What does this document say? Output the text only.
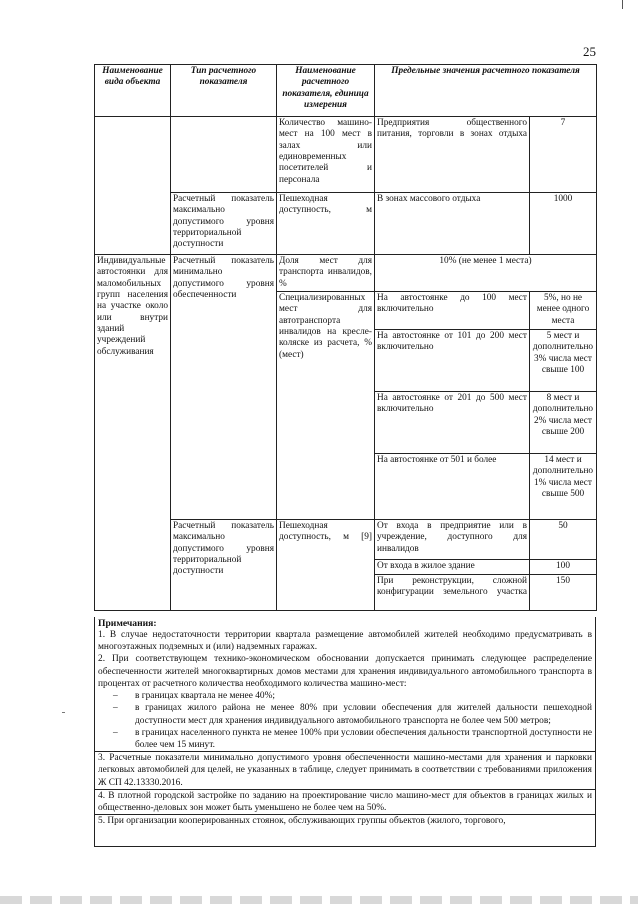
25
Наименование вида объекта	Тип расчетного показателя	Наименование расчетного показателя, единица измерения	Предельные значения расчетного показателя	
		Количество машино-мест на 100 мест в залах или единовременных посетителей и персонала	Предприятия общественного питания, торговли в зонах отдыха	7
	Расчетный показатель максимально допустимого уровня территориальной доступности	Пешеходная доступность, м	В зонах массового отдыха	1000
Индивидуальные автостоянки для маломобильных групп населения на участке около или внутри зданий учреждений обслуживания	Расчетный показатель минимально допустимого уровня обеспеченности	Доля мест для транспорта инвалидов, %	10% (не менее 1 места)	
		Специализированных мест для автотранспорта инвалидов на кресле-коляске из расчета, % (мест)	На автостоянке до 100 мест включительно	5%, но не менее одного места
			На автостоянке от 101 до 200 мест включительно	5 мест и дополнительно 3% числа мест свыше 100
			На автостоянке от 201 до 500 мест включительно	8 мест и дополнительно 2% числа мест свыше 200
			На автостоянке от 501 и более	14 мест и дополнительно 1% числа мест свыше 500
	Расчетный показатель максимально допустимого уровня территориальной доступности	Пешеходная доступность, м [9]	От входа в предприятие или в учреждение, доступного для инвалидов	50
			От входа в жилое здание	100
			При реконструкции, сложной конфигурации земельного участка	150
Примечания:
1. В случае недостаточности территории квартала размещение автомобилей жителей необходимо предусматривать в многоэтажных подземных и (или) надземных гаражах.
2. При соответствующем технико-экономическом обосновании допускается принимать следующее распределение обеспеченности жителей многоквартирных домов местами для хранения индивидуального автомобильного транспорта в процентах от расчетного количества необходимого количества машино-мест:
–	в границах квартала не менее 40%;
–	в границах жилого района не менее 80% при условии обеспечения для жителей дальности пешеходной доступности мест для хранения индивидуального автомобильного транспорта не более чем 500 метров;
–	в границах населенного пункта не менее 100% при условии обеспечения дальности транспортной доступности не более чем 15 минут.
3. Расчетные показатели минимально допустимого уровня обеспеченности машино-местами для хранения и парковки легковых автомобилей для целей, не указанных в таблице, следует принимать в соответствии с требованиями приложения Ж СП 42.13330.2016.
4. В плотной городской застройке по заданию на проектирование число машино-мест для объектов в границах жилых и общественно-деловых зон может быть уменьшено не более чем на 50%.
5. При организации кооперированных стоянок, обслуживающих группы объектов (жилого, торгового,
